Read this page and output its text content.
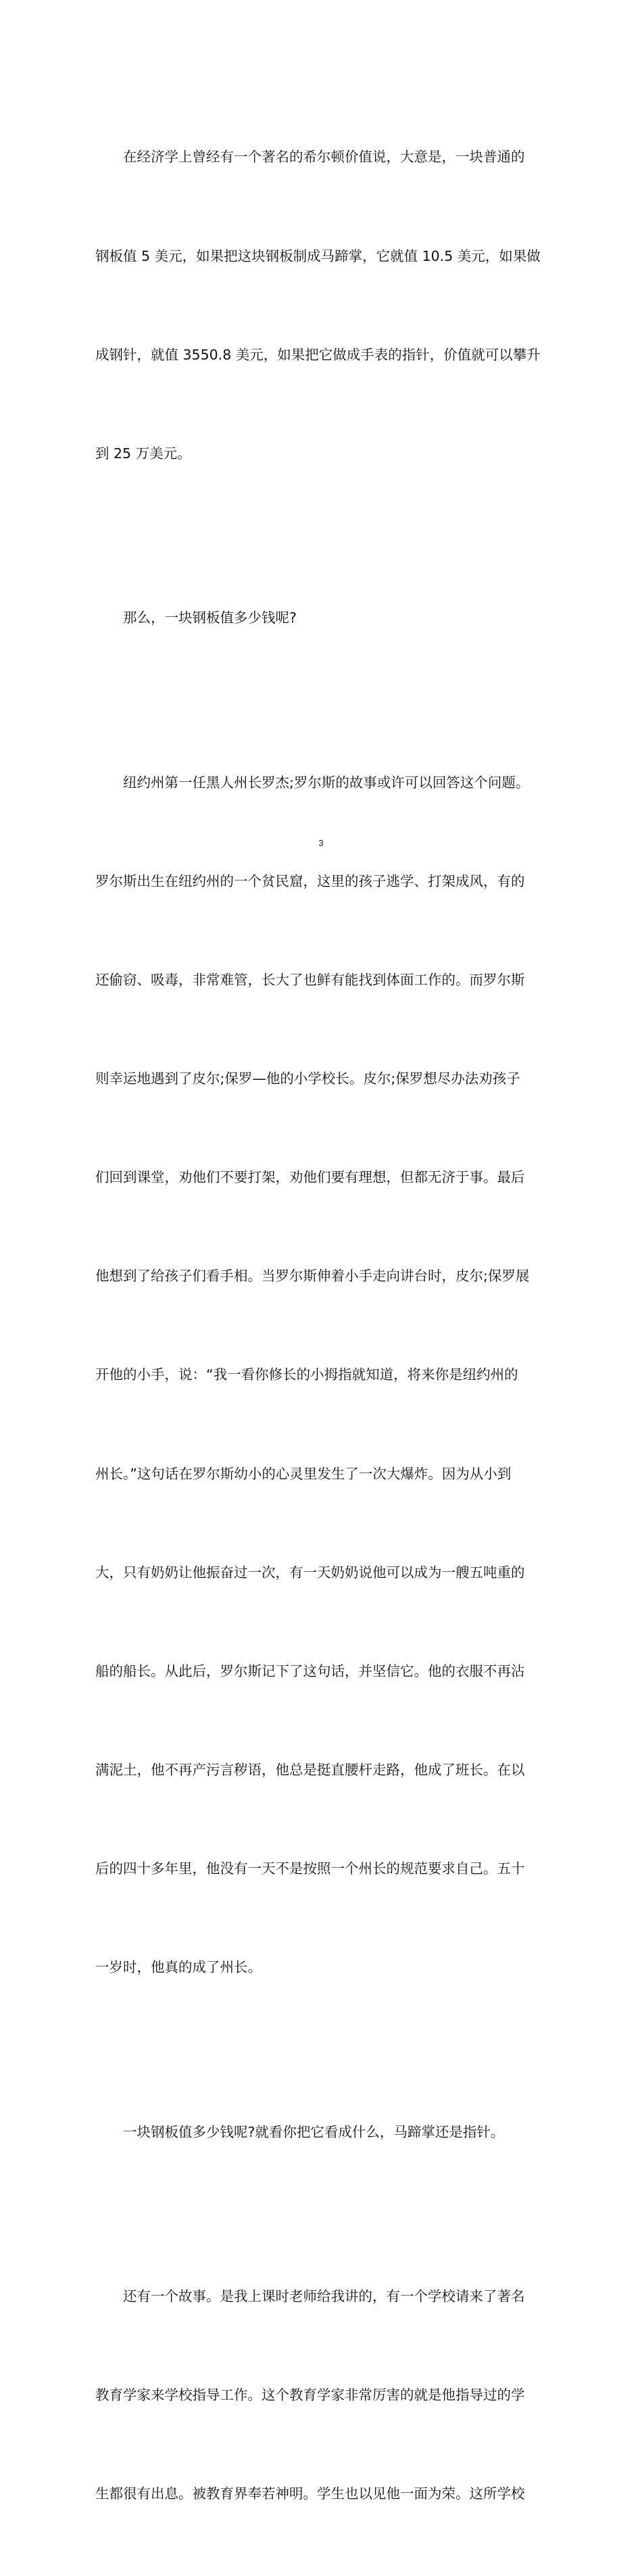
在经济学上曾经有一个著名的希尔顿价值说，大意是，一块普通的

钢板值 5 美元，如果把这块钢板制成马蹄掌，它就值 10.5 美元，如果做

成钢针，就值 3550.8 美元，如果把它做成手表的指针，价值就可以攀升

到 25 万美元。

那么，一块钢板值多少钱呢?

纽约州第一任黑人州长罗杰;罗尔斯的故事或许可以回答这个问题。

罗尔斯出生在纽约州的一个贫民窟，这里的孩子逃学、打架成风，有的

还偷窃、吸毒，非常难管，长大了也鲜有能找到体面工作的。而罗尔斯

则幸运地遇到了皮尔;保罗—他的小学校长。皮尔;保罗想尽办法劝孩子

们回到课堂，劝他们不要打架，劝他们要有理想，但都无济于事。最后

他想到了给孩子们看手相。当罗尔斯伸着小手走向讲台时，皮尔;保罗展

开他的小手，说：“我一看你修长的小拇指就知道，将来你是纽约州的

州长。”这句话在罗尔斯幼小的心灵里发生了一次大爆炸。因为从小到

大，只有奶奶让他振奋过一次，有一天奶奶说他可以成为一艘五吨重的

船的船长。从此后，罗尔斯记下了这句话，并坚信它。他的衣服不再沾

满泥土，他不再产污言秽语，他总是挺直腰杆走路，他成了班长。在以

后的四十多年里，他没有一天不是按照一个州长的规范要求自己。五十

一岁时，他真的成了州长。

一块钢板值多少钱呢?就看你把它看成什么，马蹄掌还是指针。

还有一个故事。是我上课时老师给我讲的，有一个学校请来了著名

教育学家来学校指导工作。这个教育学家非常厉害的就是他指导过的学

生都很有出息。被教育界奉若神明。学生也以见他一面为荣。这所学校

3
